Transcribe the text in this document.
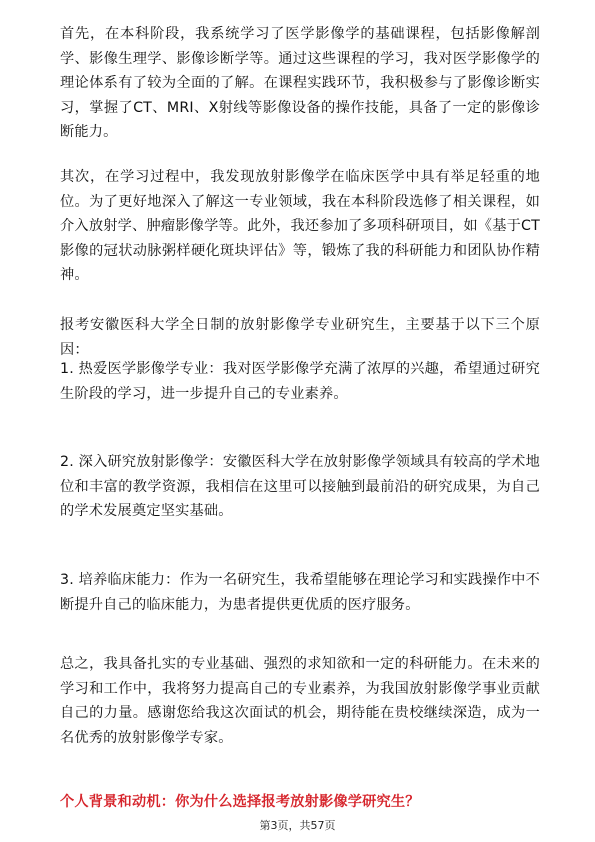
首先，在本科阶段，我系统学习了医学影像学的基础课程，包括影像解剖学、影像生理学、影像诊断学等。通过这些课程的学习，我对医学影像学的理论体系有了较为全面的了解。在课程实践环节，我积极参与了影像诊断实习，掌握了CT、MRI、X射线等影像设备的操作技能，具备了一定的影像诊断能力。

其次，在学习过程中，我发现放射影像学在临床医学中具有举足轻重的地位。为了更好地深入了解这一专业领域，我在本科阶段选修了相关课程，如介入放射学、肿瘤影像学等。此外，我还参加了多项科研项目，如《基于CT影像的冠状动脉粥样硬化斑块评估》等，锻炼了我的科研能力和团队协作精神。

报考安徽医科大学全日制的放射影像学专业研究生，主要基于以下三个原因：

1. 热爱医学影像学专业：我对医学影像学充满了浓厚的兴趣，希望通过研究生阶段的学习，进一步提升自己的专业素养。

2. 深入研究放射影像学：安徽医科大学在放射影像学领域具有较高的学术地位和丰富的教学资源，我相信在这里可以接触到最前沿的研究成果，为自己的学术发展奠定坚实基础。

3. 培养临床能力：作为一名研究生，我希望能够在理论学习和实践操作中不断提升自己的临床能力，为患者提供更优质的医疗服务。

总之，我具备扎实的专业基础、强烈的求知欲和一定的科研能力。在未来的学习和工作中，我将努力提高自己的专业素养，为我国放射影像学事业贡献自己的力量。感谢您给我这次面试的机会，期待能在贵校继续深造，成为一名优秀的放射影像学专家。

个人背景和动机：你为什么选择报考放射影像学研究生？

第3页，共57页
